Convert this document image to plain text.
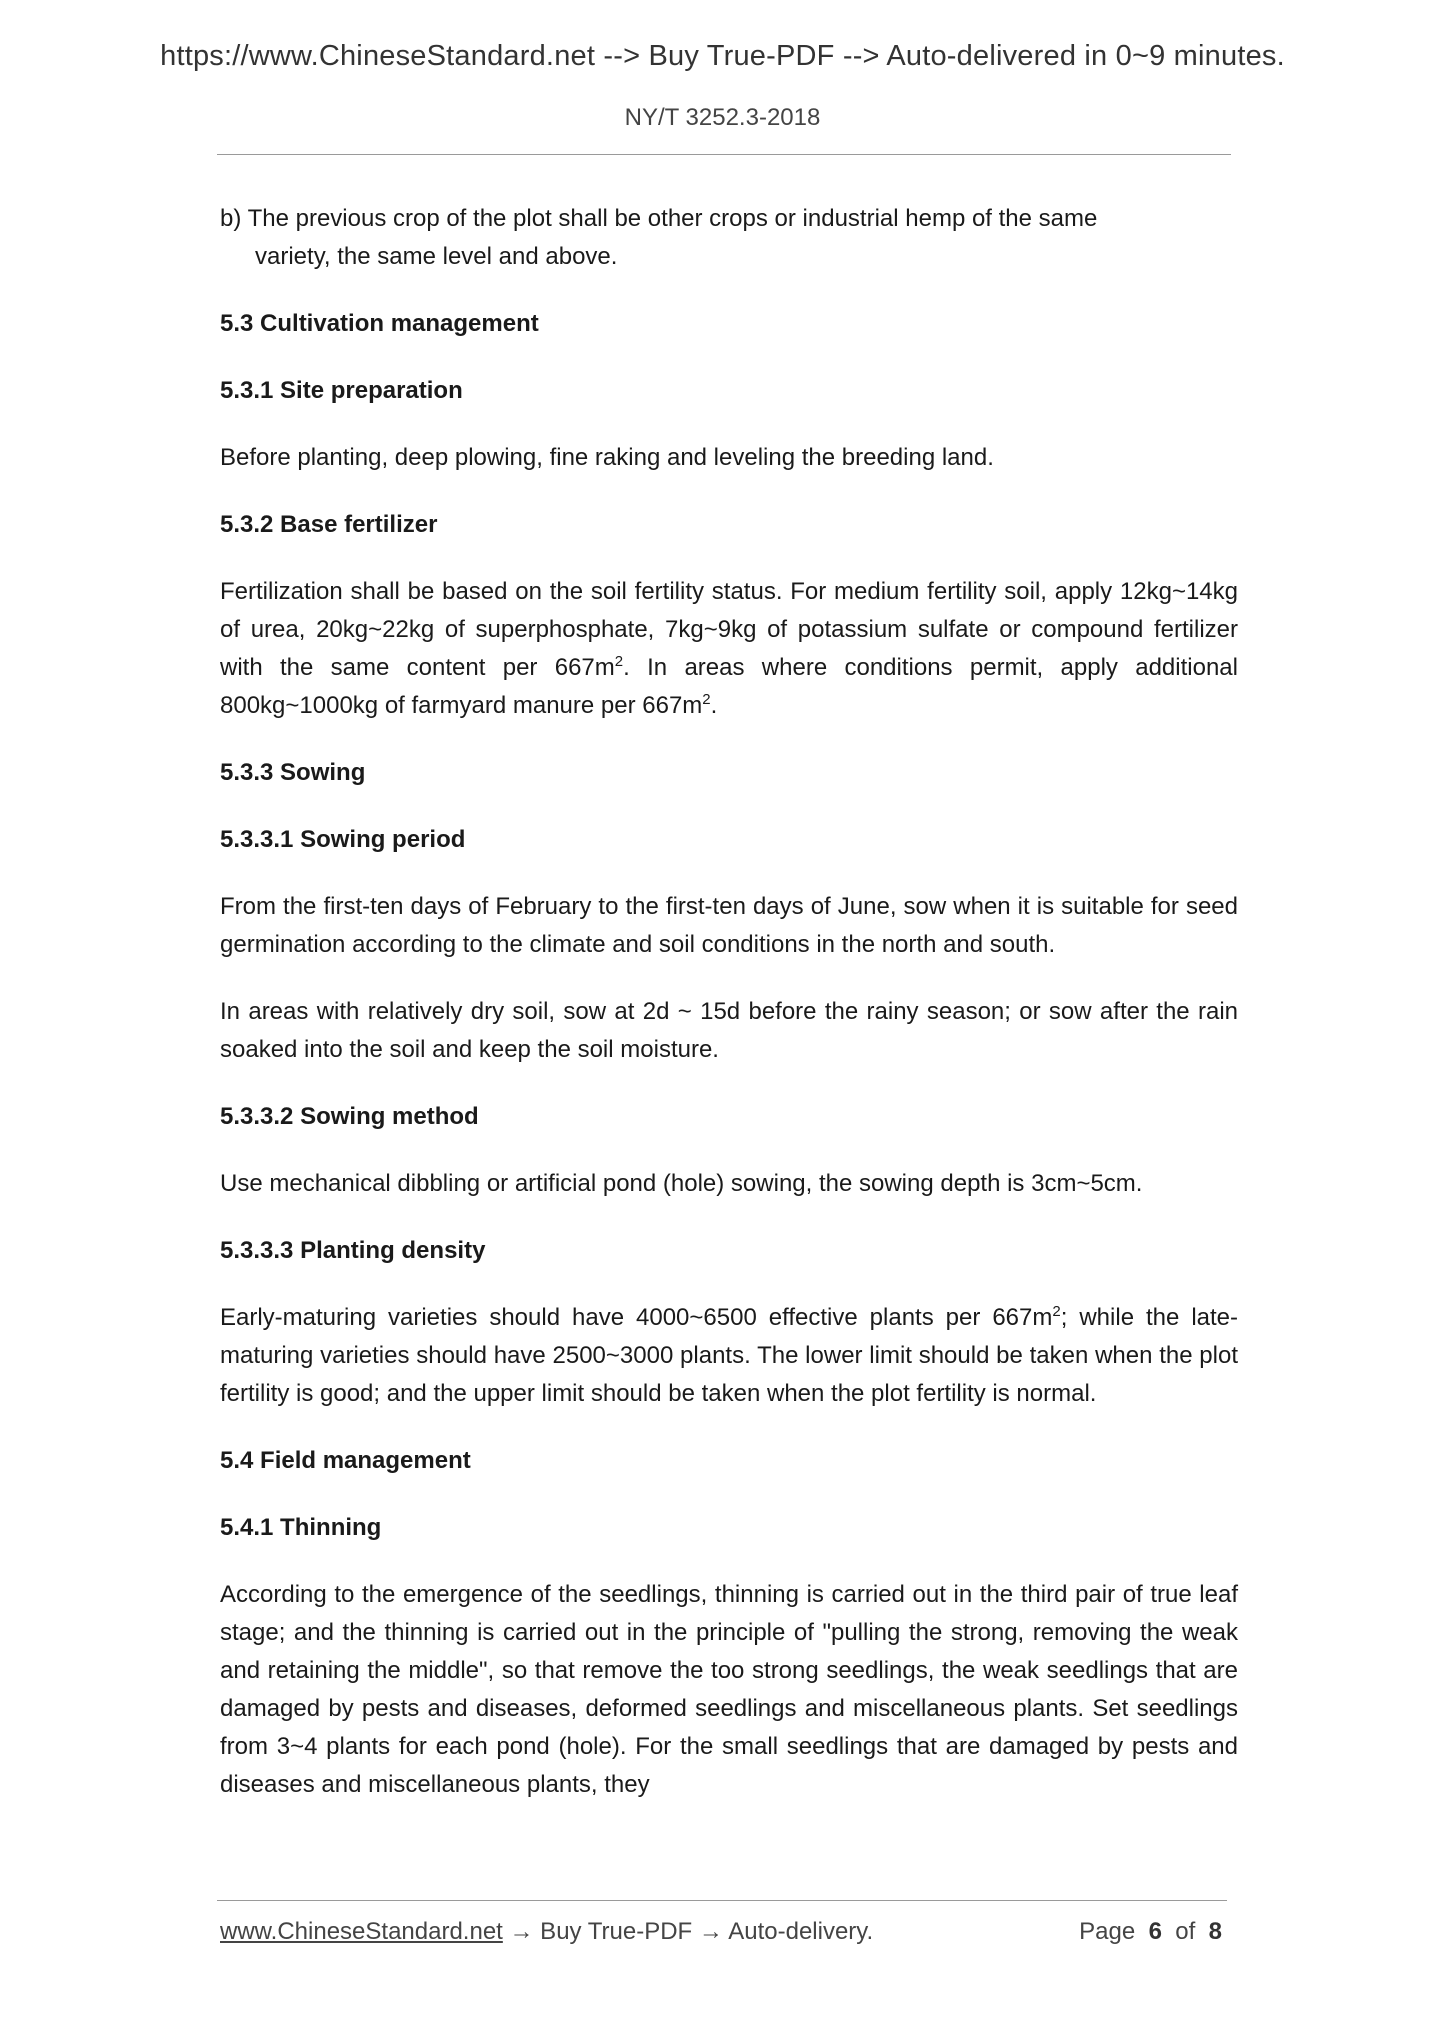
https://www.ChineseStandard.net --> Buy True-PDF --> Auto-delivered in 0~9 minutes.
NY/T 3252.3-2018

b) The previous crop of the plot shall be other crops or industrial hemp of the same
variety, the same level and above.

5.3 Cultivation management
5.3.1 Site preparation

Before planting, deep plowing, fine raking and leveling the breeding land.

5.3.2 Base fertilizer

Fertilization shall be based on the soil fertility status. For medium fertility soil, apply 12kg~14kg of urea, 20kg~22kg of superphosphate, 7kg~9kg of potassium sulfate or compound fertilizer with the same content per $667m^2$. In areas where conditions permit, apply additional 800kg~1000kg of farmyard manure per $667m^2$.

5.3.3 Sowing
5.3.3.1 Sowing period

From the first-ten days of February to the first-ten days of June, sow when it is suitable for seed germination according to the climate and soil conditions in the north and south.

In areas with relatively dry soil, sow at 2d ~ 15d before the rainy season; or sow after the rain soaked into the soil and keep the soil moisture.

5.3.3.2 Sowing method

Use mechanical dibbling or artificial pond (hole) sowing, the sowing depth is 3cm~5cm.

5.3.3.3 Planting density

Early-maturing varieties should have 4000~6500 effective plants per $667m^2$; while the late-maturing varieties should have 2500~3000 plants. The lower limit should be taken when the plot fertility is good; and the upper limit should be taken when the plot fertility is normal.

5.4 Field management
5.4.1 Thinning

According to the emergence of the seedlings, thinning is carried out in the third pair of true leaf stage; and the thinning is carried out in the principle of "pulling the strong, removing the weak and retaining the middle", so that remove the too strong seedlings, the weak seedlings that are damaged by pests and diseases, deformed seedlings and miscellaneous plants. Set seedlings from 3~4 plants for each pond (hole). For the small seedlings that are damaged by pests and diseases and miscellaneous plants, they

www.ChineseStandard.net → Buy True-PDF → Auto-delivery.	Page 6 of 8
